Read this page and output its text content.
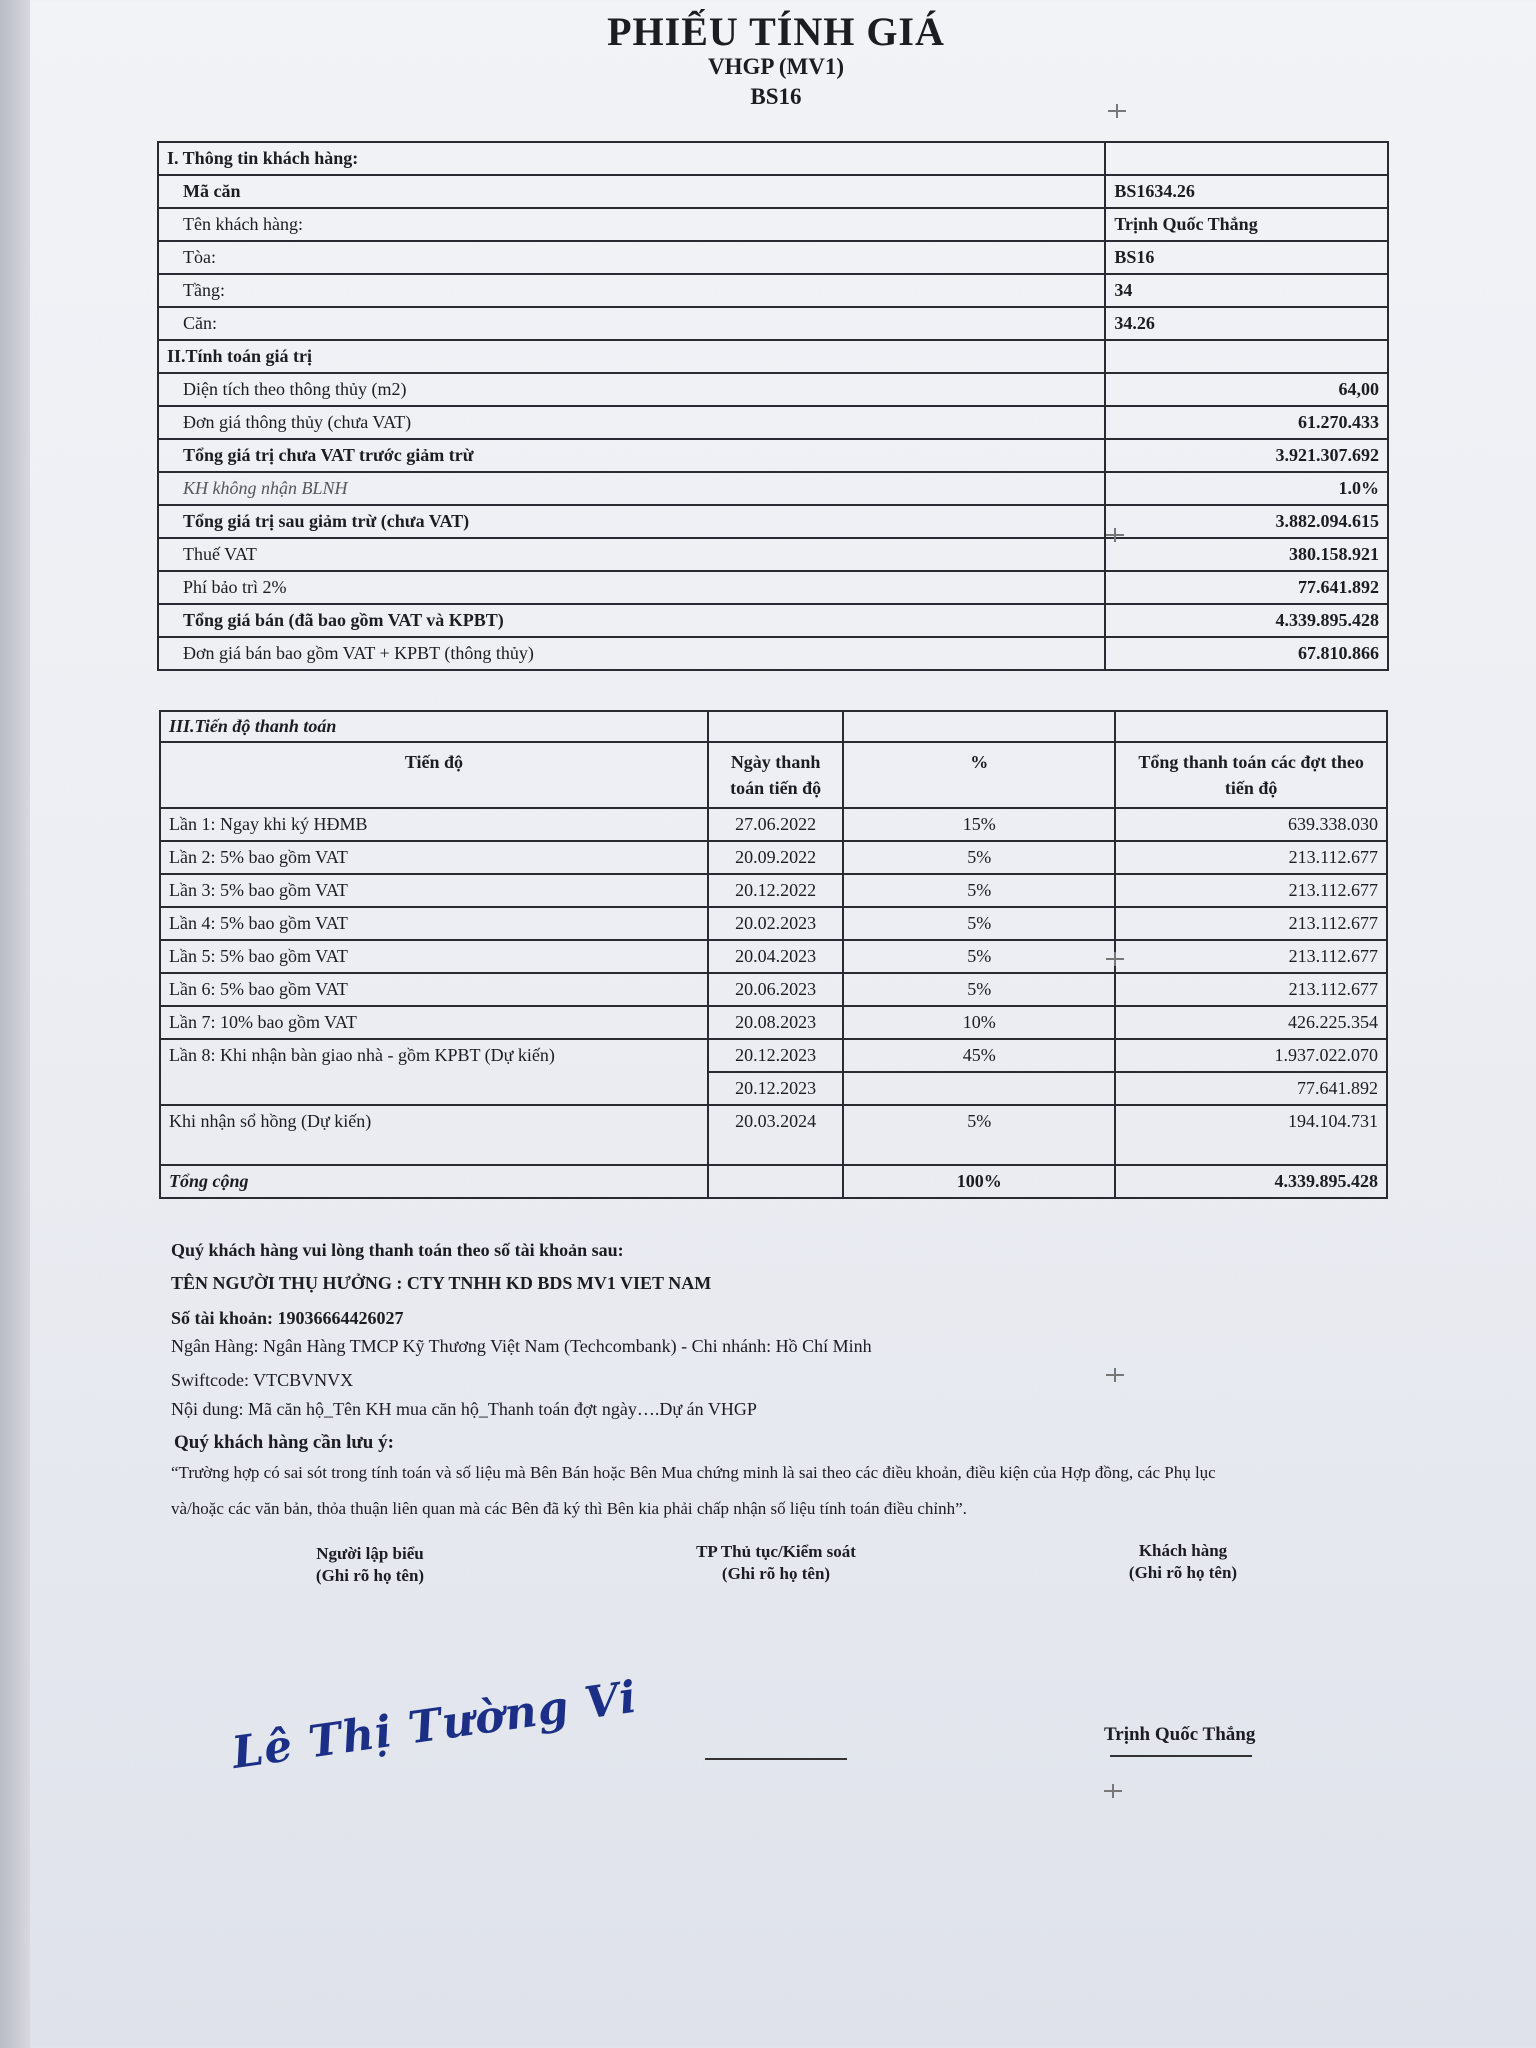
PHIẾU TÍNH GIÁ
VHGP (MV1)
BS16
I. Thông tin khách hàng:	
Mã căn	BS1634.26
Tên khách hàng:	Trịnh Quốc Thắng
Tòa:	BS16
Tầng:	34
Căn:	34.26
II.Tính toán giá trị	
Diện tích theo thông thủy (m2)	64,00
Đơn giá thông thủy (chưa VAT)	61.270.433
Tổng giá trị chưa VAT trước giảm trừ	3.921.307.692
KH không nhận BLNH	1.0%
Tổng giá trị sau giảm trừ (chưa VAT)	3.882.094.615
Thuế VAT	380.158.921
Phí bảo trì 2%	77.641.892
Tổng giá bán (đã bao gồm VAT và KPBT)	4.339.895.428
Đơn giá bán bao gồm VAT + KPBT (thông thủy)	67.810.866
III.Tiến độ thanh toán			
Tiến độ	Ngày thanh toán tiến độ	%	Tổng thanh toán các đợt theo tiến độ
Lần 1: Ngay khi ký HĐMB	27.06.2022	15%	639.338.030
Lần 2: 5% bao gồm VAT	20.09.2022	5%	213.112.677
Lần 3: 5% bao gồm VAT	20.12.2022	5%	213.112.677
Lần 4: 5% bao gồm VAT	20.02.2023	5%	213.112.677
Lần 5: 5% bao gồm VAT	20.04.2023	5%	213.112.677
Lần 6: 5% bao gồm VAT	20.06.2023	5%	213.112.677
Lần 7: 10% bao gồm VAT	20.08.2023	10%	426.225.354
Lần 8: Khi nhận bàn giao nhà - gồm KPBT (Dự kiến)	20.12.2023	45%	1.937.022.070
	20.12.2023		77.641.892
Khi nhận sổ hồng (Dự kiến)	20.03.2024	5%	194.104.731
Tổng cộng		100%	4.339.895.428
Quý khách hàng vui lòng thanh toán theo số tài khoản sau:
TÊN NGƯỜI THỤ HƯỞNG : CTY TNHH KD BDS MV1 VIET NAM
Số tài khoản: 19036664426027
Ngân Hàng: Ngân Hàng TMCP Kỹ Thương Việt Nam (Techcombank) - Chi nhánh: Hồ Chí Minh
Swiftcode: VTCBVNVX
Nội dung: Mã căn hộ_Tên KH mua căn hộ_Thanh toán đợt ngày….Dự án VHGP
Quý khách hàng cần lưu ý:
“Trường hợp có sai sót trong tính toán và số liệu mà Bên Bán hoặc Bên Mua chứng minh là sai theo các điều khoản, điều kiện của Hợp đồng, các Phụ lục
và/hoặc các văn bản, thỏa thuận liên quan mà các Bên đã ký thì Bên kia phải chấp nhận số liệu tính toán điều chỉnh”.
Người lập biểu
(Ghi rõ họ tên)
TP Thủ tục/Kiểm soát
(Ghi rõ họ tên)
Khách hàng
(Ghi rõ họ tên)
Lê Thị Tường Vi	Trịnh Quốc Thắng
